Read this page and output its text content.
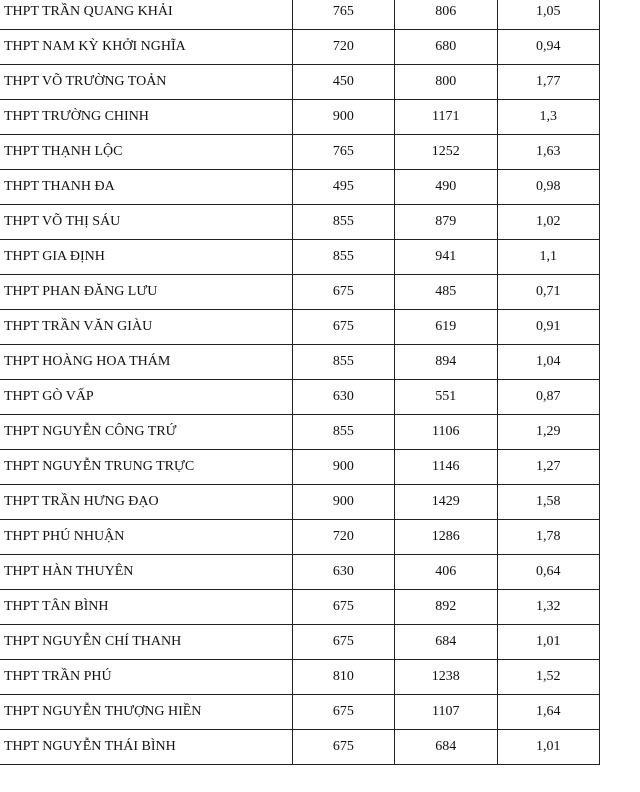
THPT TRẦN QUANG KHẢI	765	806	1,05
THPT NAM KỲ KHỞI NGHĨA	720	680	0,94
THPT VÕ TRƯỜNG TOẢN	450	800	1,77
THPT TRƯỜNG CHINH	900	1171	1,3
THPT THẠNH LỘC	765	1252	1,63
THPT THANH ĐA	495	490	0,98
THPT VÕ THỊ SÁU	855	879	1,02
THPT GIA ĐỊNH	855	941	1,1
THPT PHAN ĐĂNG LƯU	675	485	0,71
THPT TRẦN VĂN GIÀU	675	619	0,91
THPT HOÀNG HOA THÁM	855	894	1,04
THPT GÒ VẤP	630	551	0,87
THPT NGUYỄN CÔNG TRỨ	855	1106	1,29
THPT NGUYỄN TRUNG TRỰC	900	1146	1,27
THPT TRẦN HƯNG ĐẠO	900	1429	1,58
THPT PHÚ NHUẬN	720	1286	1,78
THPT HÀN THUYÊN	630	406	0,64
THPT TÂN BÌNH	675	892	1,32
THPT NGUYỄN CHÍ THANH	675	684	1,01
THPT TRẦN PHÚ	810	1238	1,52
THPT NGUYỄN THƯỢNG HIỀN	675	1107	1,64
THPT NGUYỄN THÁI BÌNH	675	684	1,01
